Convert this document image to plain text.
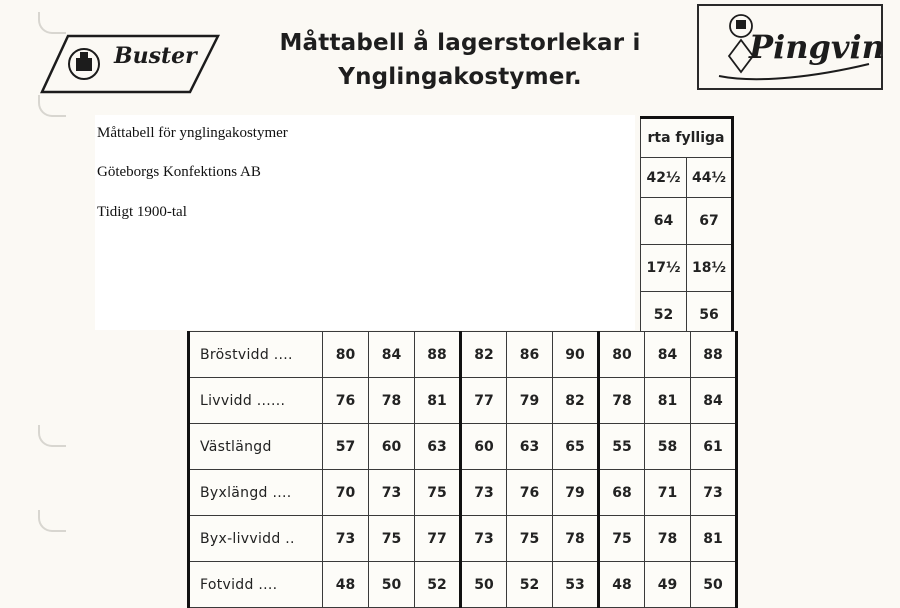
Buster	Måttabell å lagerstorlekar i
Ynglingakostymer.
Pingvin
rta fylliga	
42½	44½
64	67
17½	18½
52	56
Måttabell för ynglingakostymer
Göteborgs Konfektions AB
Tidigt 1900-tal
Bröstvidd ....	80	84	88	82	86	90	80	84	88
Livvidd ......	76	78	81	77	79	82	78	81	84
Västlängd	57	60	63	60	63	65	55	58	61
Byxlängd ....	70	73	75	73	76	79	68	71	73
Byx-livvidd ..	73	75	77	73	75	78	75	78	81
Fotvidd ....	48	50	52	50	52	53	48	49	50
